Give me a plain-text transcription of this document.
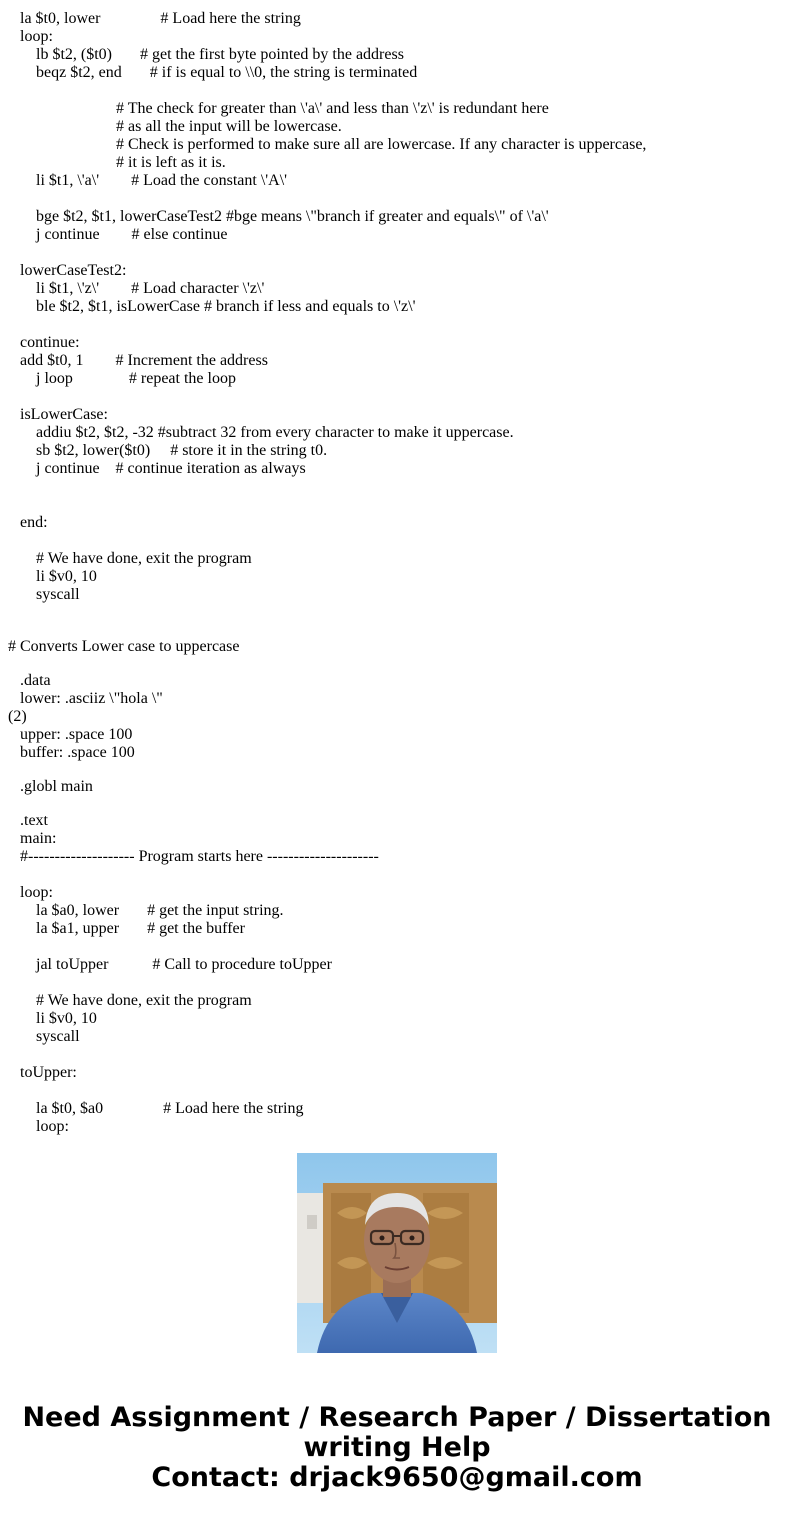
la $t0, lower               # Load here the string
loop:
lb $t2, ($t0)       # get the first byte pointed by the address
beqz $t2, end       # if is equal to \\0, the string is terminated
# The check for greater than \'a\' and less than \'z\' is redundant here
# as all the input will be lowercase.
# Check is performed to make sure all are lowercase. If any character is uppercase,
# it is left as it is.
li $t1, \'a\'        # Load the constant \'A\'
bge $t2, $t1, lowerCaseTest2 #bge means \"branch if greater and equals\" of \'a\'
j continue        # else continue
lowerCaseTest2:
li $t1, \'z\'        # Load character \'z\'
ble $t2, $t1, isLowerCase # branch if less and equals to \'z\'
continue:
add $t0, 1        # Increment the address
j loop              # repeat the loop
isLowerCase:
addiu $t2, $t2, -32 #subtract 32 from every character to make it uppercase.
sb $t2, lower($t0)     # store it in the string t0.
j continue    # continue iteration as always
end:
# We have done, exit the program
li $v0, 10
syscall
# Converts Lower case to uppercase
.data
lower: .asciiz \"hola \"
(2)
upper: .space 100
buffer: .space 100
.globl main
.text
main:
#-------------------- Program starts here ---------------------
loop:
la $a0, lower       # get the input string.
la $a1, upper       # get the buffer
jal toUpper           # Call to procedure toUpper
# We have done, exit the program
li $v0, 10
syscall
toUpper:
la $t0, $a0               # Load here the string
loop:
Need Assignment / Research Paper / Dissertation
writing Help
Contact: drjack9650@gmail.com
